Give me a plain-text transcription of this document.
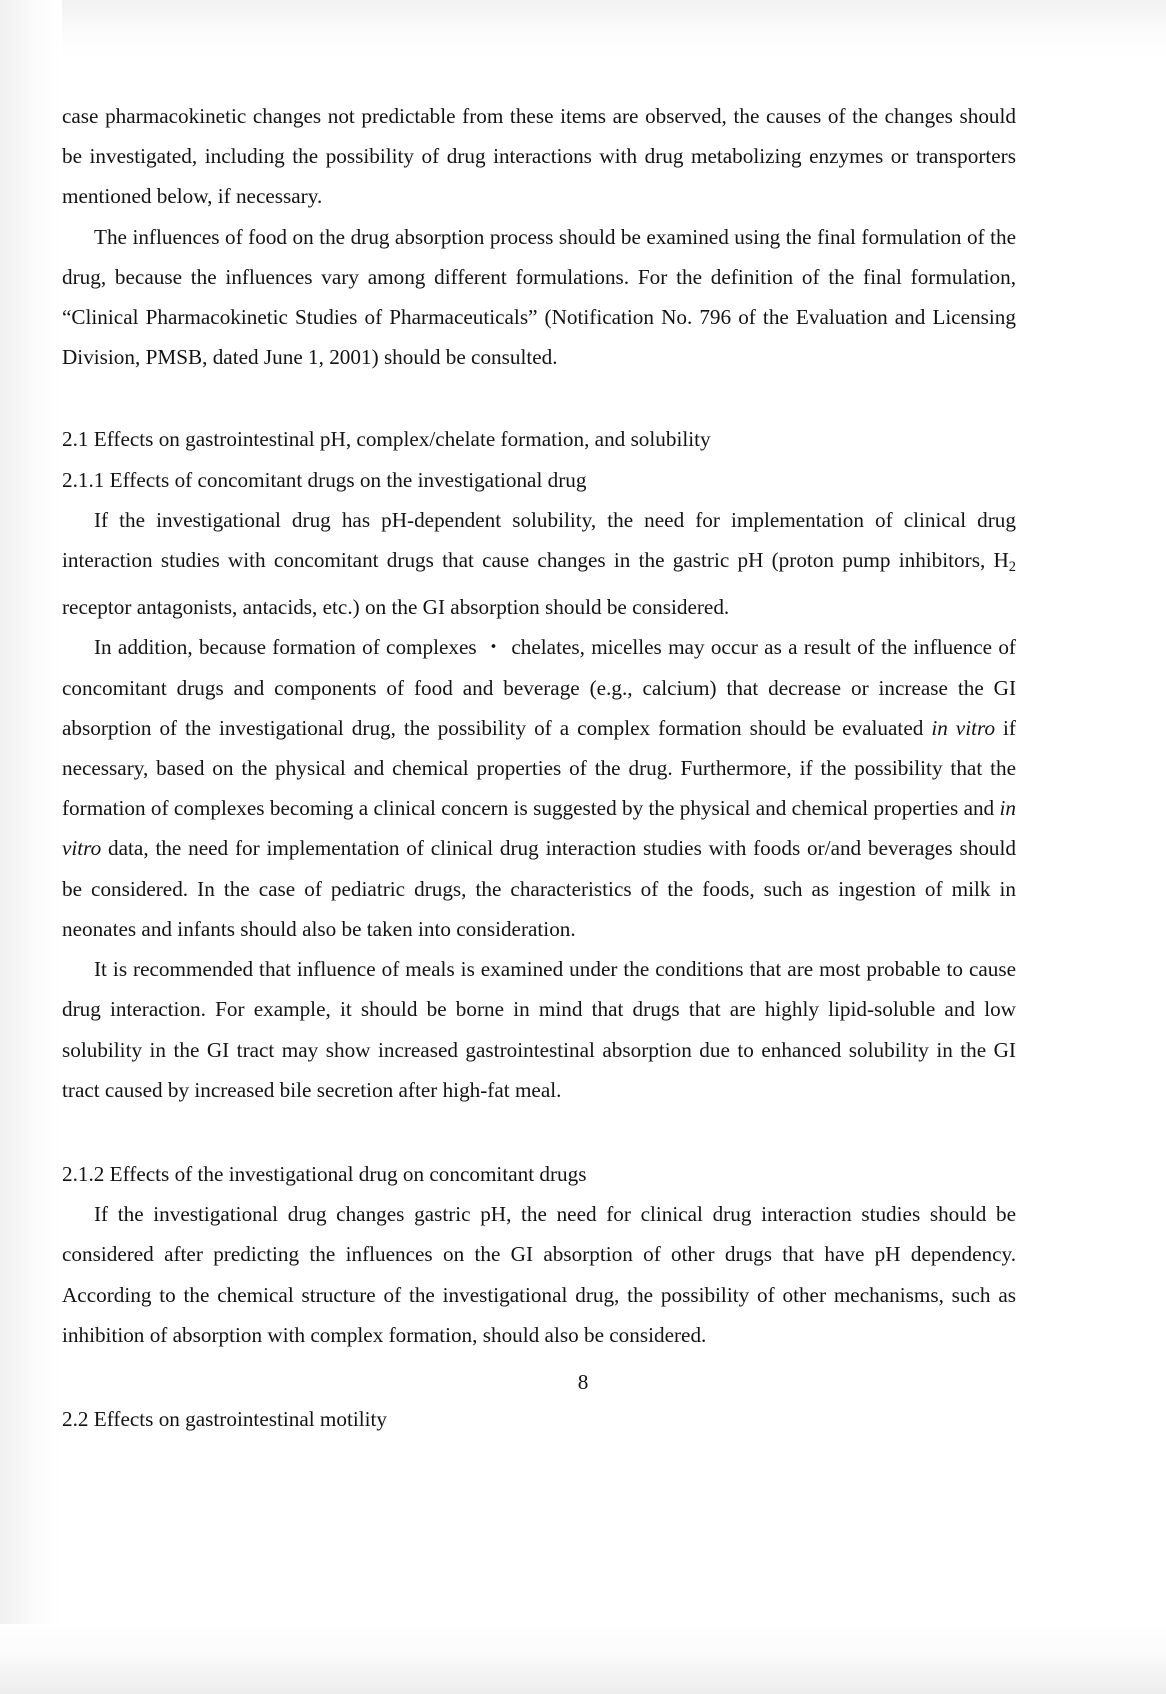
case pharmacokinetic changes not predictable from these items are observed, the causes of the changes should be investigated, including the possibility of drug interactions with drug metabolizing enzymes or transporters mentioned below, if necessary.

The influences of food on the drug absorption process should be examined using the final formulation of the drug, because the influences vary among different formulations. For the definition of the final formulation, “Clinical Pharmacokinetic Studies of Pharmaceuticals” (Notification No. 796 of the Evaluation and Licensing Division, PMSB, dated June 1, 2001) should be consulted.

2.1 Effects on gastrointestinal pH, complex/chelate formation, and solubility
2.1.1 Effects of concomitant drugs on the investigational drug

If the investigational drug has pH-dependent solubility, the need for implementation of clinical drug interaction studies with concomitant drugs that cause changes in the gastric pH (proton pump inhibitors, $H_2$ receptor antagonists, antacids, etc.) on the GI absorption should be considered.

In addition, because formation of complexes ・ chelates, micelles may occur as a result of the influence of concomitant drugs and components of food and beverage (e.g., calcium) that decrease or increase the GI absorption of the investigational drug, the possibility of a complex formation should be evaluated in vitro if necessary, based on the physical and chemical properties of the drug. Furthermore, if the possibility that the formation of complexes becoming a clinical concern is suggested by the physical and chemical properties and in vitro data, the need for implementation of clinical drug interaction studies with foods or/and beverages should be considered. In the case of pediatric drugs, the characteristics of the foods, such as ingestion of milk in neonates and infants should also be taken into consideration.

It is recommended that influence of meals is examined under the conditions that are most probable to cause drug interaction. For example, it should be borne in mind that drugs that are highly lipid-soluble and low solubility in the GI tract may show increased gastrointestinal absorption due to enhanced solubility in the GI tract caused by increased bile secretion after high-fat meal.

2.1.2 Effects of the investigational drug on concomitant drugs

If the investigational drug changes gastric pH, the need for clinical drug interaction studies should be considered after predicting the influences on the GI absorption of other drugs that have pH dependency. According to the chemical structure of the investigational drug, the possibility of other mechanisms, such as inhibition of absorption with complex formation, should also be considered.

2.2 Effects on gastrointestinal motility
8
